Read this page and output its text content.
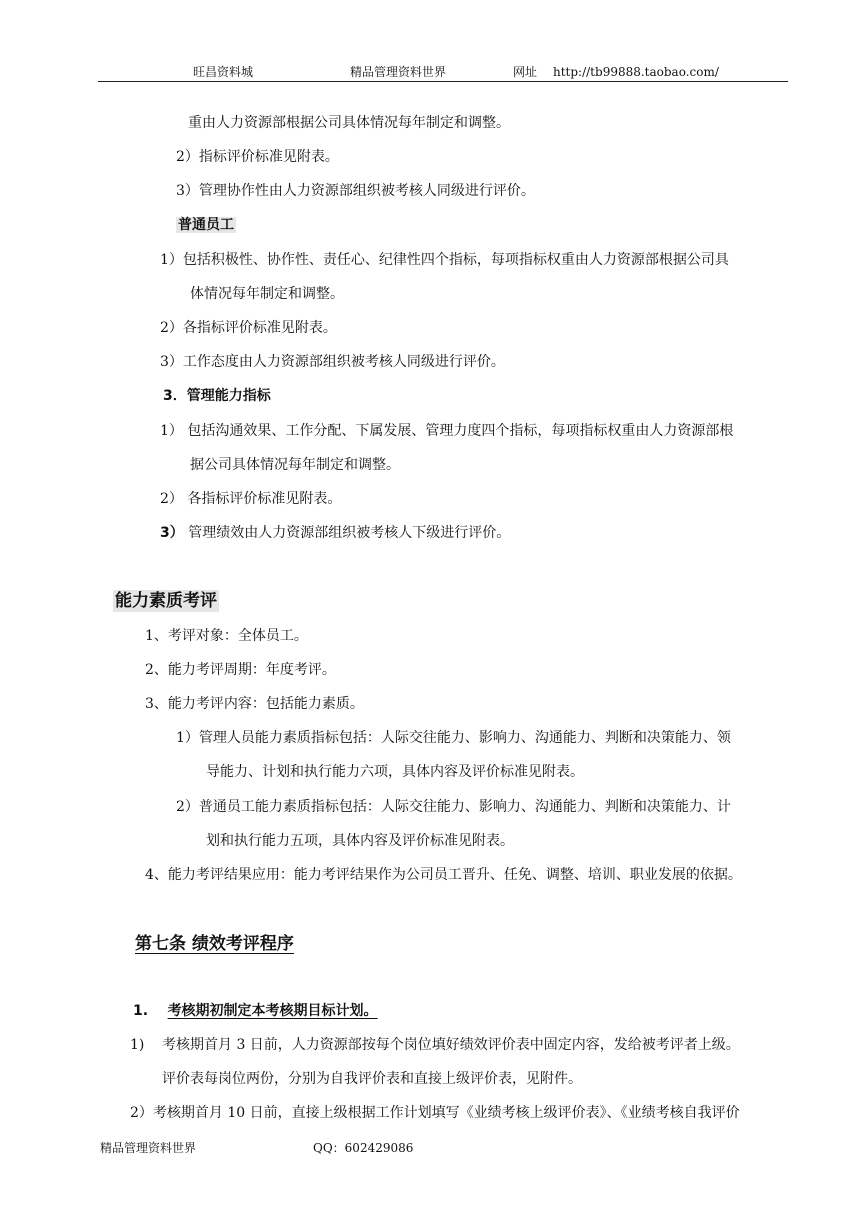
旺昌资料城	精品管理资料世界	网址 http://tb99888.taobao.com/
重由人力资源部根据公司具体情况每年制定和调整。
2）指标评价标准见附表。
3）管理协作性由人力资源部组织被考核人同级进行评价。
普通员工
1）包括积极性、协作性、责任心、纪律性四个指标，每项指标权重由人力资源部根据公司具
体情况每年制定和调整。
2）各指标评价标准见附表。
3）工作态度由人力资源部组织被考核人同级进行评价。
3．管理能力指标
1） 包括沟通效果、工作分配、下属发展、管理力度四个指标，每项指标权重由人力资源部根
据公司具体情况每年制定和调整。
2） 各指标评价标准见附表。
3） 管理绩效由人力资源部组织被考核人下级进行评价。
能力素质考评
1、考评对象：全体员工。
2、能力考评周期：年度考评。
3、能力考评内容：包括能力素质。
1）管理人员能力素质指标包括：人际交往能力、影响力、沟通能力、判断和决策能力、领
导能力、计划和执行能力六项，具体内容及评价标准见附表。
2）普通员工能力素质指标包括：人际交往能力、影响力、沟通能力、判断和决策能力、计
划和执行能力五项，具体内容及评价标准见附表。
4、能力考评结果应用：能力考评结果作为公司员工晋升、任免、调整、培训、职业发展的依据。
第七条 绩效考评程序
1. 考核期初制定本考核期目标计划。
1) 考核期首月 3 日前，人力资源部按每个岗位填好绩效评价表中固定内容，发给被考评者上级。
评价表每岗位两份，分别为自我评价表和直接上级评价表，见附件。
2）考核期首月 10 日前，直接上级根据工作计划填写《业绩考核上级评价表》、《业绩考核自我评价
精品管理资料世界	QQ：602429086
